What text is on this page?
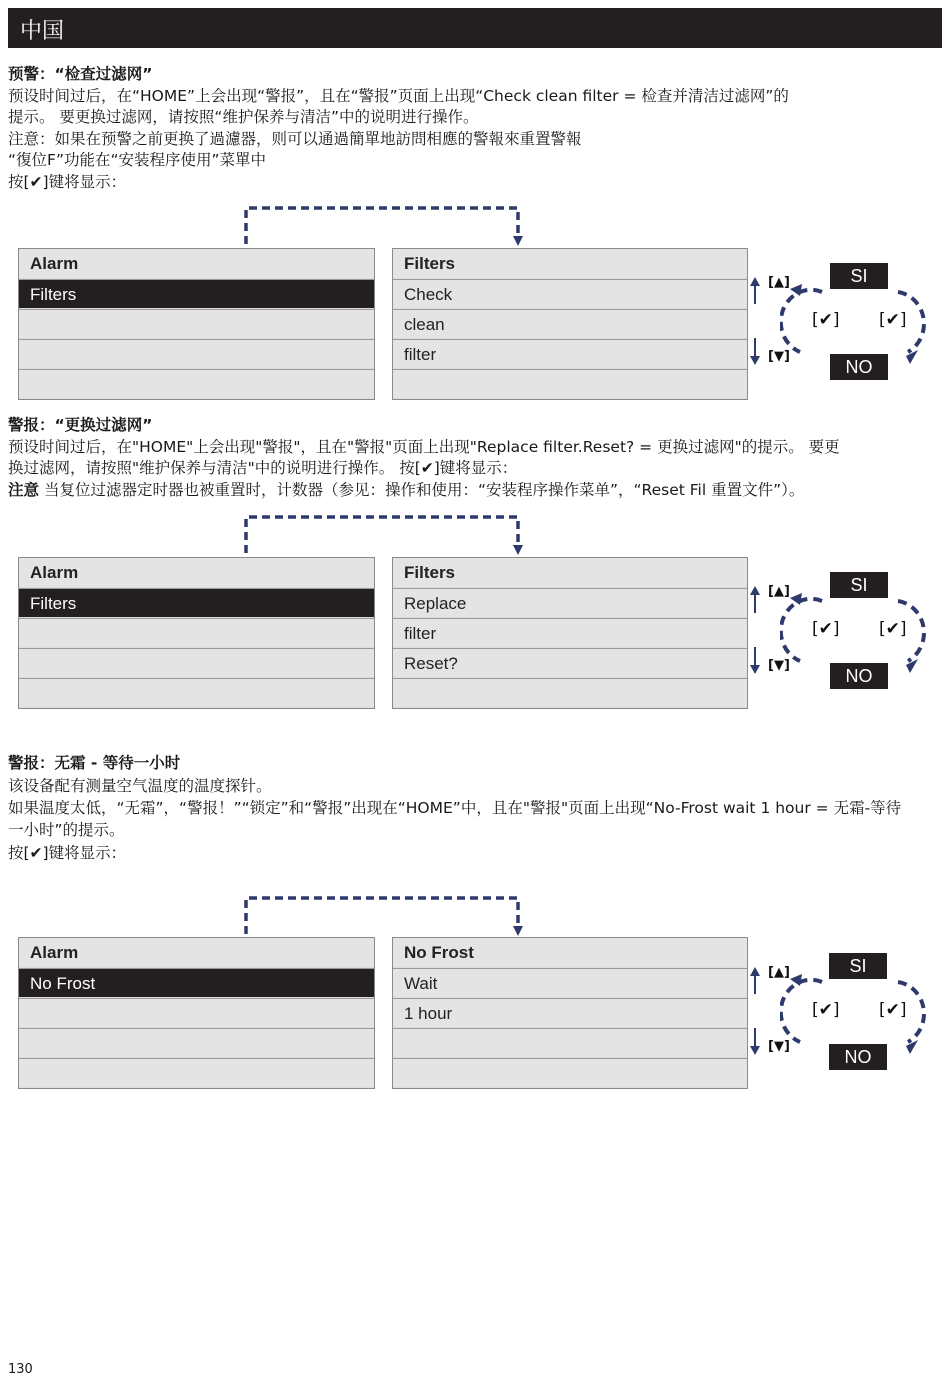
中国
预警：“检查过滤网”
预设时间过后，在“HOME”上会出现“警报”，且在“警报”页面上出现“Check clean filter = 检查并清洁过滤网”的
提示。 要更换过滤网，请按照“维护保养与清洁”中的说明进行操作。
注意：如果在预警之前更换了過濾器，则可以通過簡單地訪問相應的警報來重置警報
“復位F”功能在“安装程序使用”菜單中
按[✔]键将显示：
Alarm
Filters
Filters
Check
clean
filter
[▲]
[▼]
SI
NO
[✔] [✔]
警报：“更换过滤网”
预设时间过后，在"HOME"上会出现"警报"，且在"警报"页面上出现"Replace filter.Reset? = 更换过滤网"的提示。 要更
换过滤网，请按照"维护保养与清洁"中的说明进行操作。 按[✔]键将显示：
注意 当复位过滤器定时器也被重置时，计数器（参见：操作和使用：“安装程序操作菜单”，“Reset Fil 重置文件”）。
Alarm
Filters
Filters
Replace
filter
Reset?
[▲]
[▼]
SI
NO
[✔] [✔]
警报：无霜 - 等待一小时
该设备配有测量空气温度的温度探针。
如果温度太低，“无霜”，“警报！”“锁定”和“警报”出现在“HOME”中，且在"警报"页面上出现“No-Frost wait 1 hour = 无霜-等待
一小时”的提示。
按[✔]键将显示：
Alarm
No Frost
No Frost
Wait
1 hour
[▲]
[▼]
SI
NO
[✔] [✔]
130
